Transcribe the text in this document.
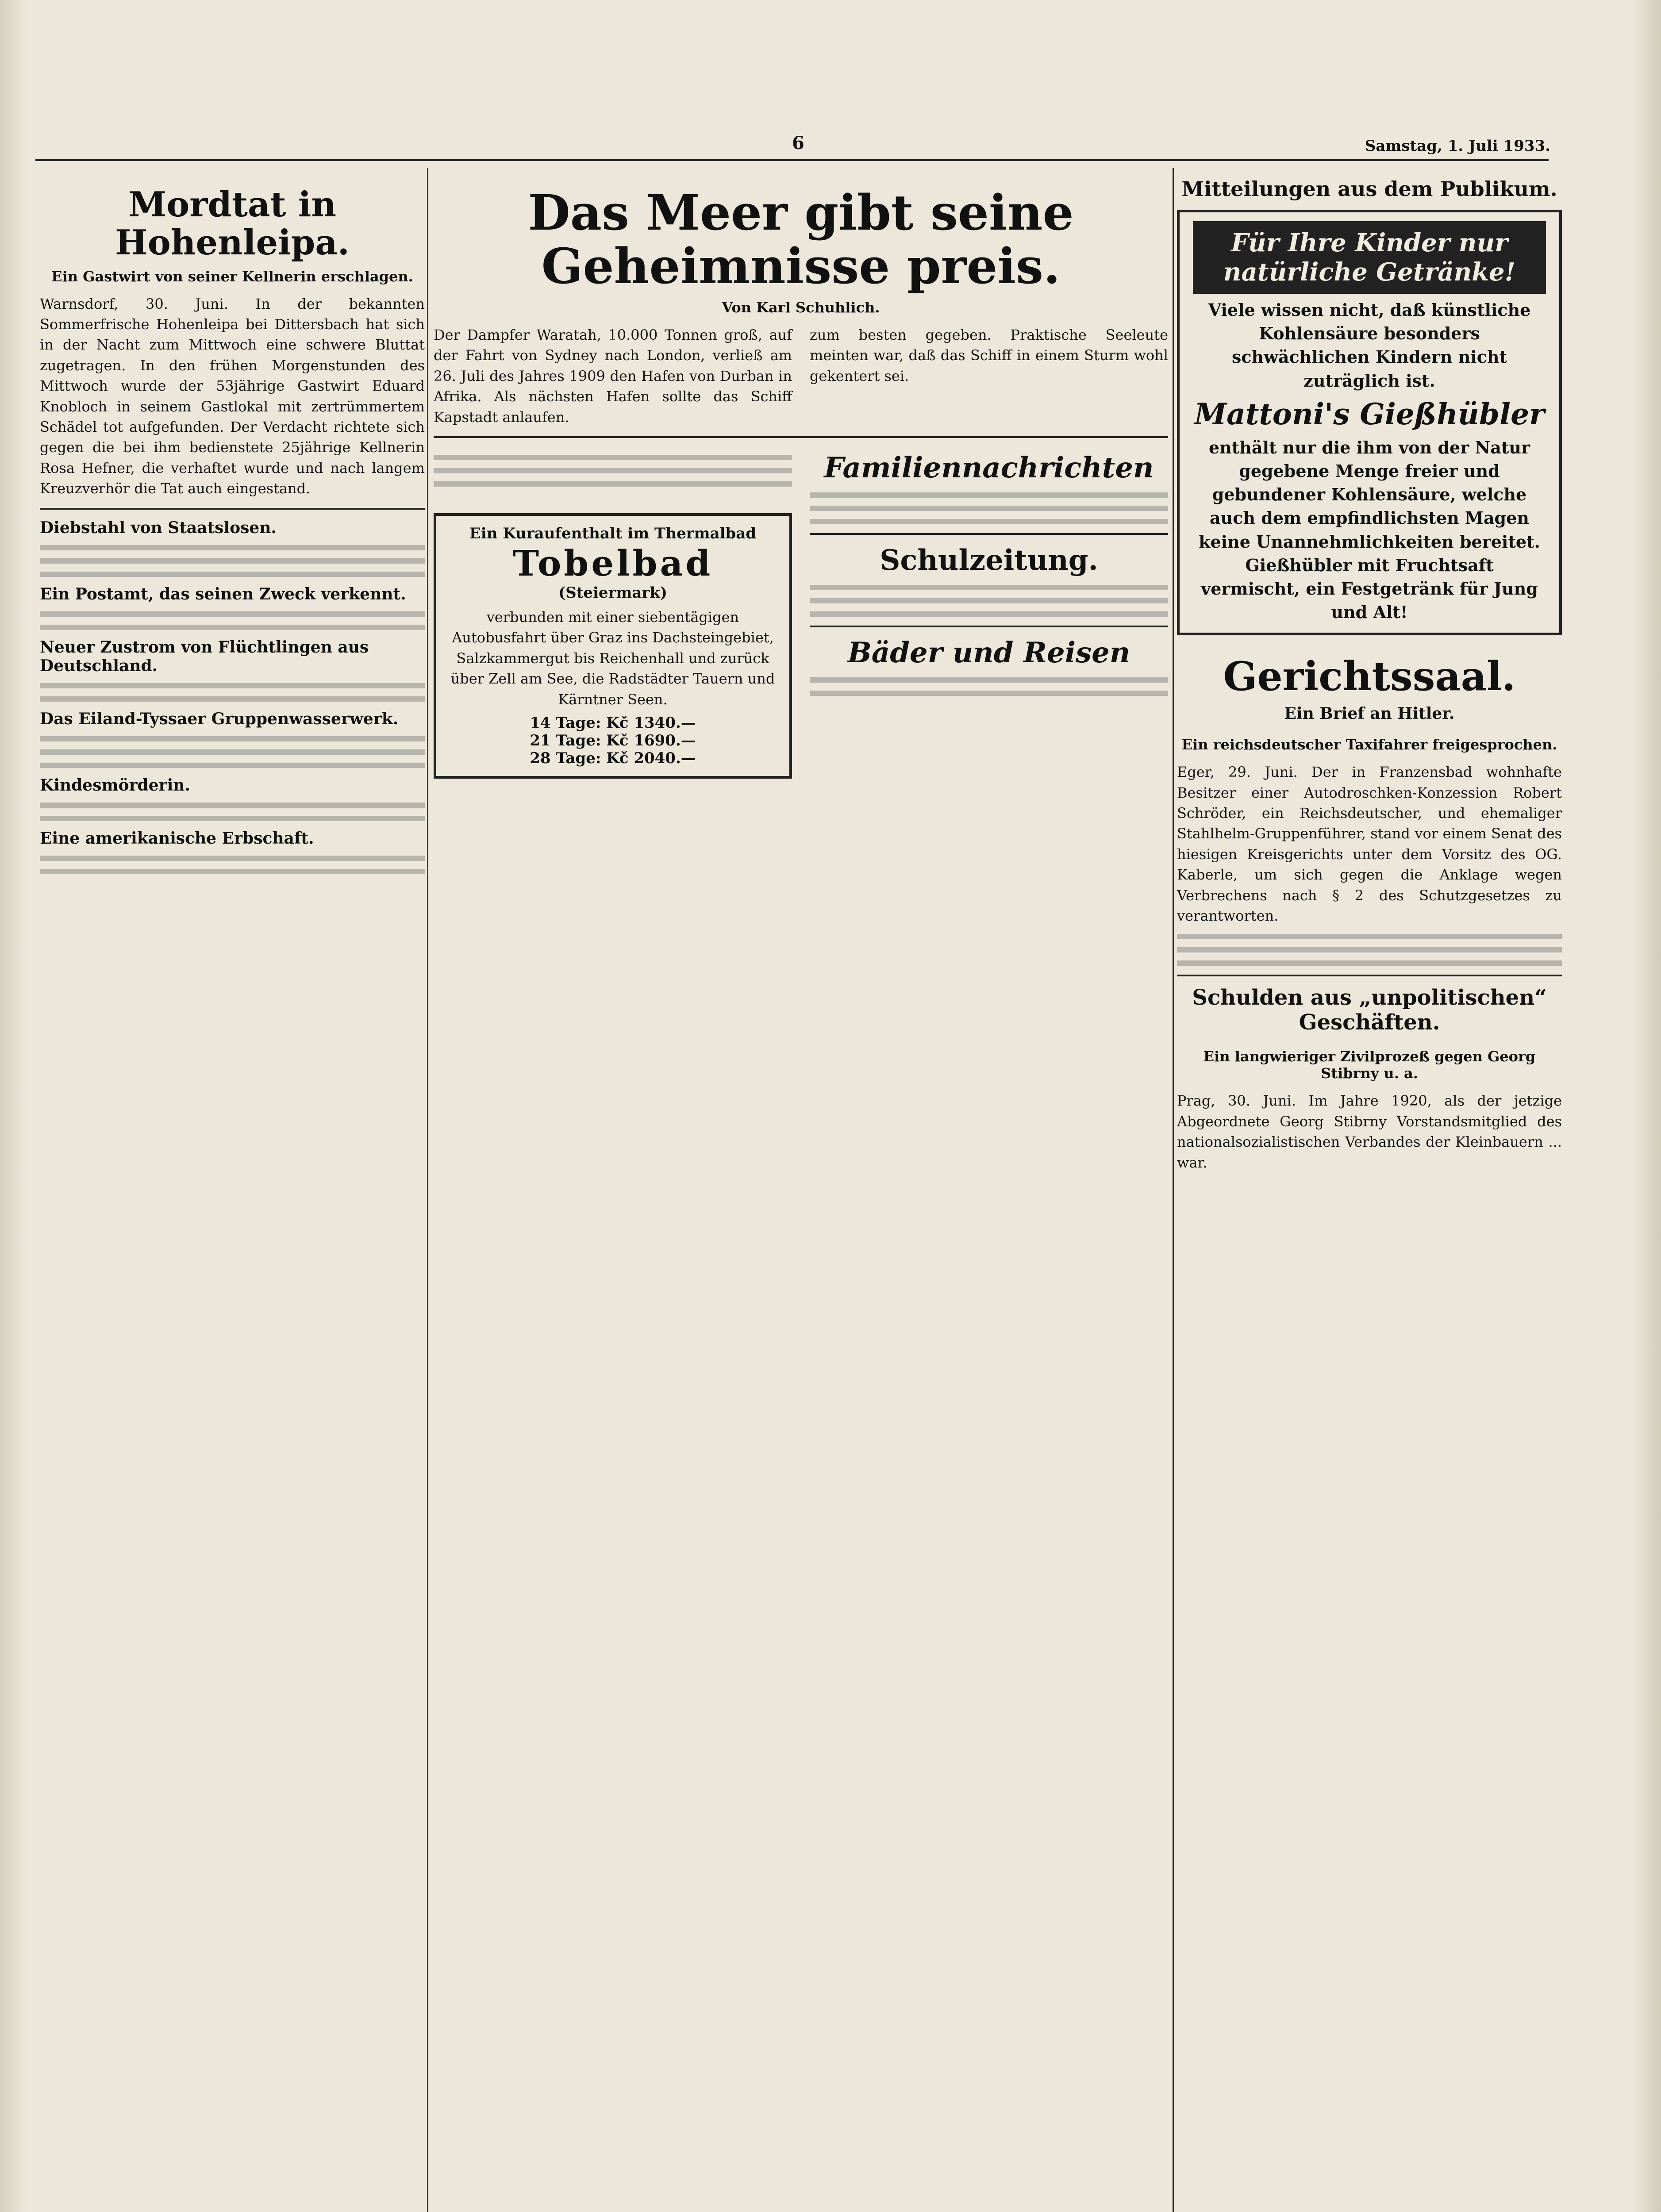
6	Samstag, 1. Juli 1933.
Mordtat in Hohenleipa.
Ein Gastwirt von seiner Kellnerin erschlagen.

Warnsdorf, 30. Juni. In der bekannten Sommerfrische Hohenleipa bei Dittersbach hat sich in der Nacht zum Mittwoch eine schwere Bluttat zugetragen. In den frühen Morgenstunden des Mittwoch wurde der 53jährige Gastwirt Eduard Knobloch in seinem Gastlokal mit zertrümmertem Schädel tot aufgefunden. Der Verdacht richtete sich gegen die bei ihm bedienstete 25jährige Kellnerin Rosa Hefner, die verhaftet wurde und nach langem Kreuzverhör die Tat auch eingestand.

Diebstahl von Staatslosen.
Ein Postamt, das seinen Zweck verkennt.
Neuer Zustrom von Flüchtlingen aus Deutschland.
Das Eiland-Tyssaer Gruppenwasserwerk.
Kindesmörderin.
Eine amerikanische Erbschaft.
Das Meer gibt seine Geheimnisse preis.
Von Karl Schuhlich.

Der Dampfer Waratah, 10.000 Tonnen groß, auf der Fahrt von Sydney nach London, verließ am 26. Juli des Jahres 1909 den Hafen von Durban in Afrika. Als nächsten Hafen sollte das Schiff Kapstadt anlaufen.

zum besten gegeben. Praktische Seeleute meinten war, daß das Schiff in einem Sturm wohl gekentert sei.

Ein Kuraufenthalt im Thermalbad
Tobelbad
(Steiermark)

verbunden mit einer siebentägigen Autobusfahrt über Graz ins Dachsteingebiet, Salzkammergut bis Reichenhall und zurück über Zell am See, die Radstädter Tauern und Kärntner Seen.

14 Tage: Kč 1340.—
21 Tage: Kč 1690.—
28 Tage: Kč 2040.—
Familiennachrichten
Schulzeitung.
Bäder und Reisen
Mitteilungen aus dem Publikum.
Für Ihre Kinder nur natürliche Getränke!
Viele wissen nicht, daß künstliche Kohlensäure besonders schwächlichen Kindern nicht zuträglich ist.
Mattoni's Gießhübler
enthält nur die ihm von der Natur gegebene Menge freier und gebundener Kohlensäure, welche auch dem empfindlichsten Magen keine Unannehmlichkeiten bereitet. Gießhübler mit Fruchtsaft vermischt, ein Festgetränk für Jung und Alt!
Gerichtssaal.
Ein Brief an Hitler.
Ein reichsdeutscher Taxifahrer freigesprochen.

Eger, 29. Juni. Der in Franzensbad wohnhafte Besitzer einer Autodroschken-Konzession Robert Schröder, ein Reichsdeutscher, und ehemaliger Stahlhelm-Gruppenführer, stand vor einem Senat des hiesigen Kreisgerichts unter dem Vorsitz des OG. Kaberle, um sich gegen die Anklage wegen Verbrechens nach § 2 des Schutzgesetzes zu verantworten.

Schulden aus „unpolitischen“ Geschäften.
Ein langwieriger Zivilprozeß gegen Georg Stibrny u. a.

Prag, 30. Juni. Im Jahre 1920, als der jetzige Abgeordnete Georg Stibrny Vorstandsmitglied des nationalsozialistischen Verbandes der Kleinbauern ... war.
